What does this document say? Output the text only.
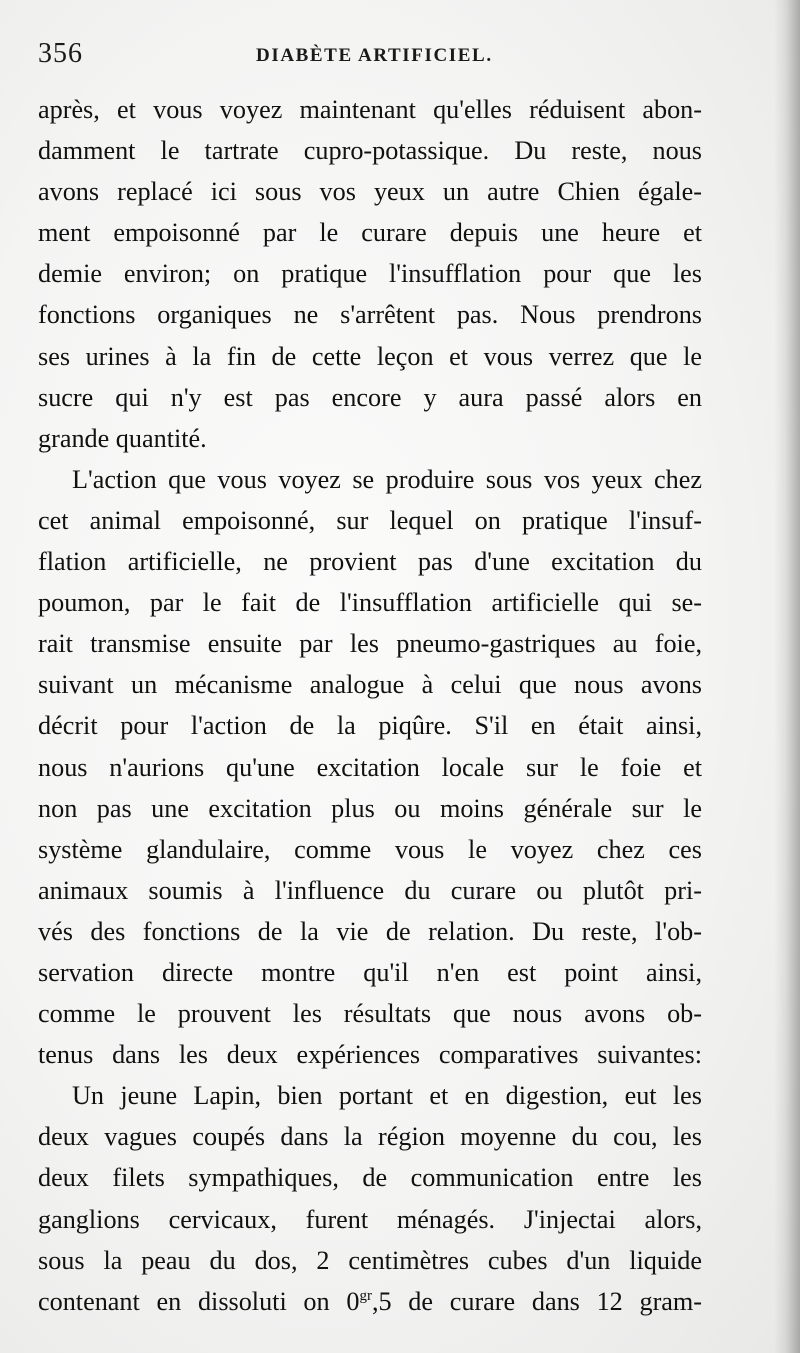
356	DIABÈTE ARTIFICIEL.
après, et vous voyez maintenant qu'elles réduisent abon-
damment le tartrate cupro-potassique. Du reste, nous
avons replacé ici sous vos yeux un autre Chien égale-
ment empoisonné par le curare depuis une heure et
demie environ; on pratique l'insufflation pour que les
fonctions organiques ne s'arrêtent pas. Nous prendrons
ses urines à la fin de cette leçon et vous verrez que le
sucre qui n'y est pas encore y aura passé alors en
grande quantité.
L'action que vous voyez se produire sous vos yeux chez
cet animal empoisonné, sur lequel on pratique l'insuf-
flation artificielle, ne provient pas d'une excitation du
poumon, par le fait de l'insufflation artificielle qui se-
rait transmise ensuite par les pneumo-gastriques au foie,
suivant un mécanisme analogue à celui que nous avons
décrit pour l'action de la piqûre. S'il en était ainsi,
nous n'aurions qu'une excitation locale sur le foie et
non pas une excitation plus ou moins générale sur le
système glandulaire, comme vous le voyez chez ces
animaux soumis à l'influence du curare ou plutôt pri-
vés des fonctions de la vie de relation. Du reste, l'ob-
servation directe montre qu'il n'en est point ainsi,
comme le prouvent les résultats que nous avons ob-
tenus dans les deux expériences comparatives suivantes:
Un jeune Lapin, bien portant et en digestion, eut les
deux vagues coupés dans la région moyenne du cou, les
deux filets sympathiques, de communication entre les
ganglions cervicaux, furent ménagés. J'injectai alors,
sous la peau du dos, 2 centimètres cubes d'un liquide
contenant en dissoluti on $0^{gr},5$ de curare dans 12 gram-
